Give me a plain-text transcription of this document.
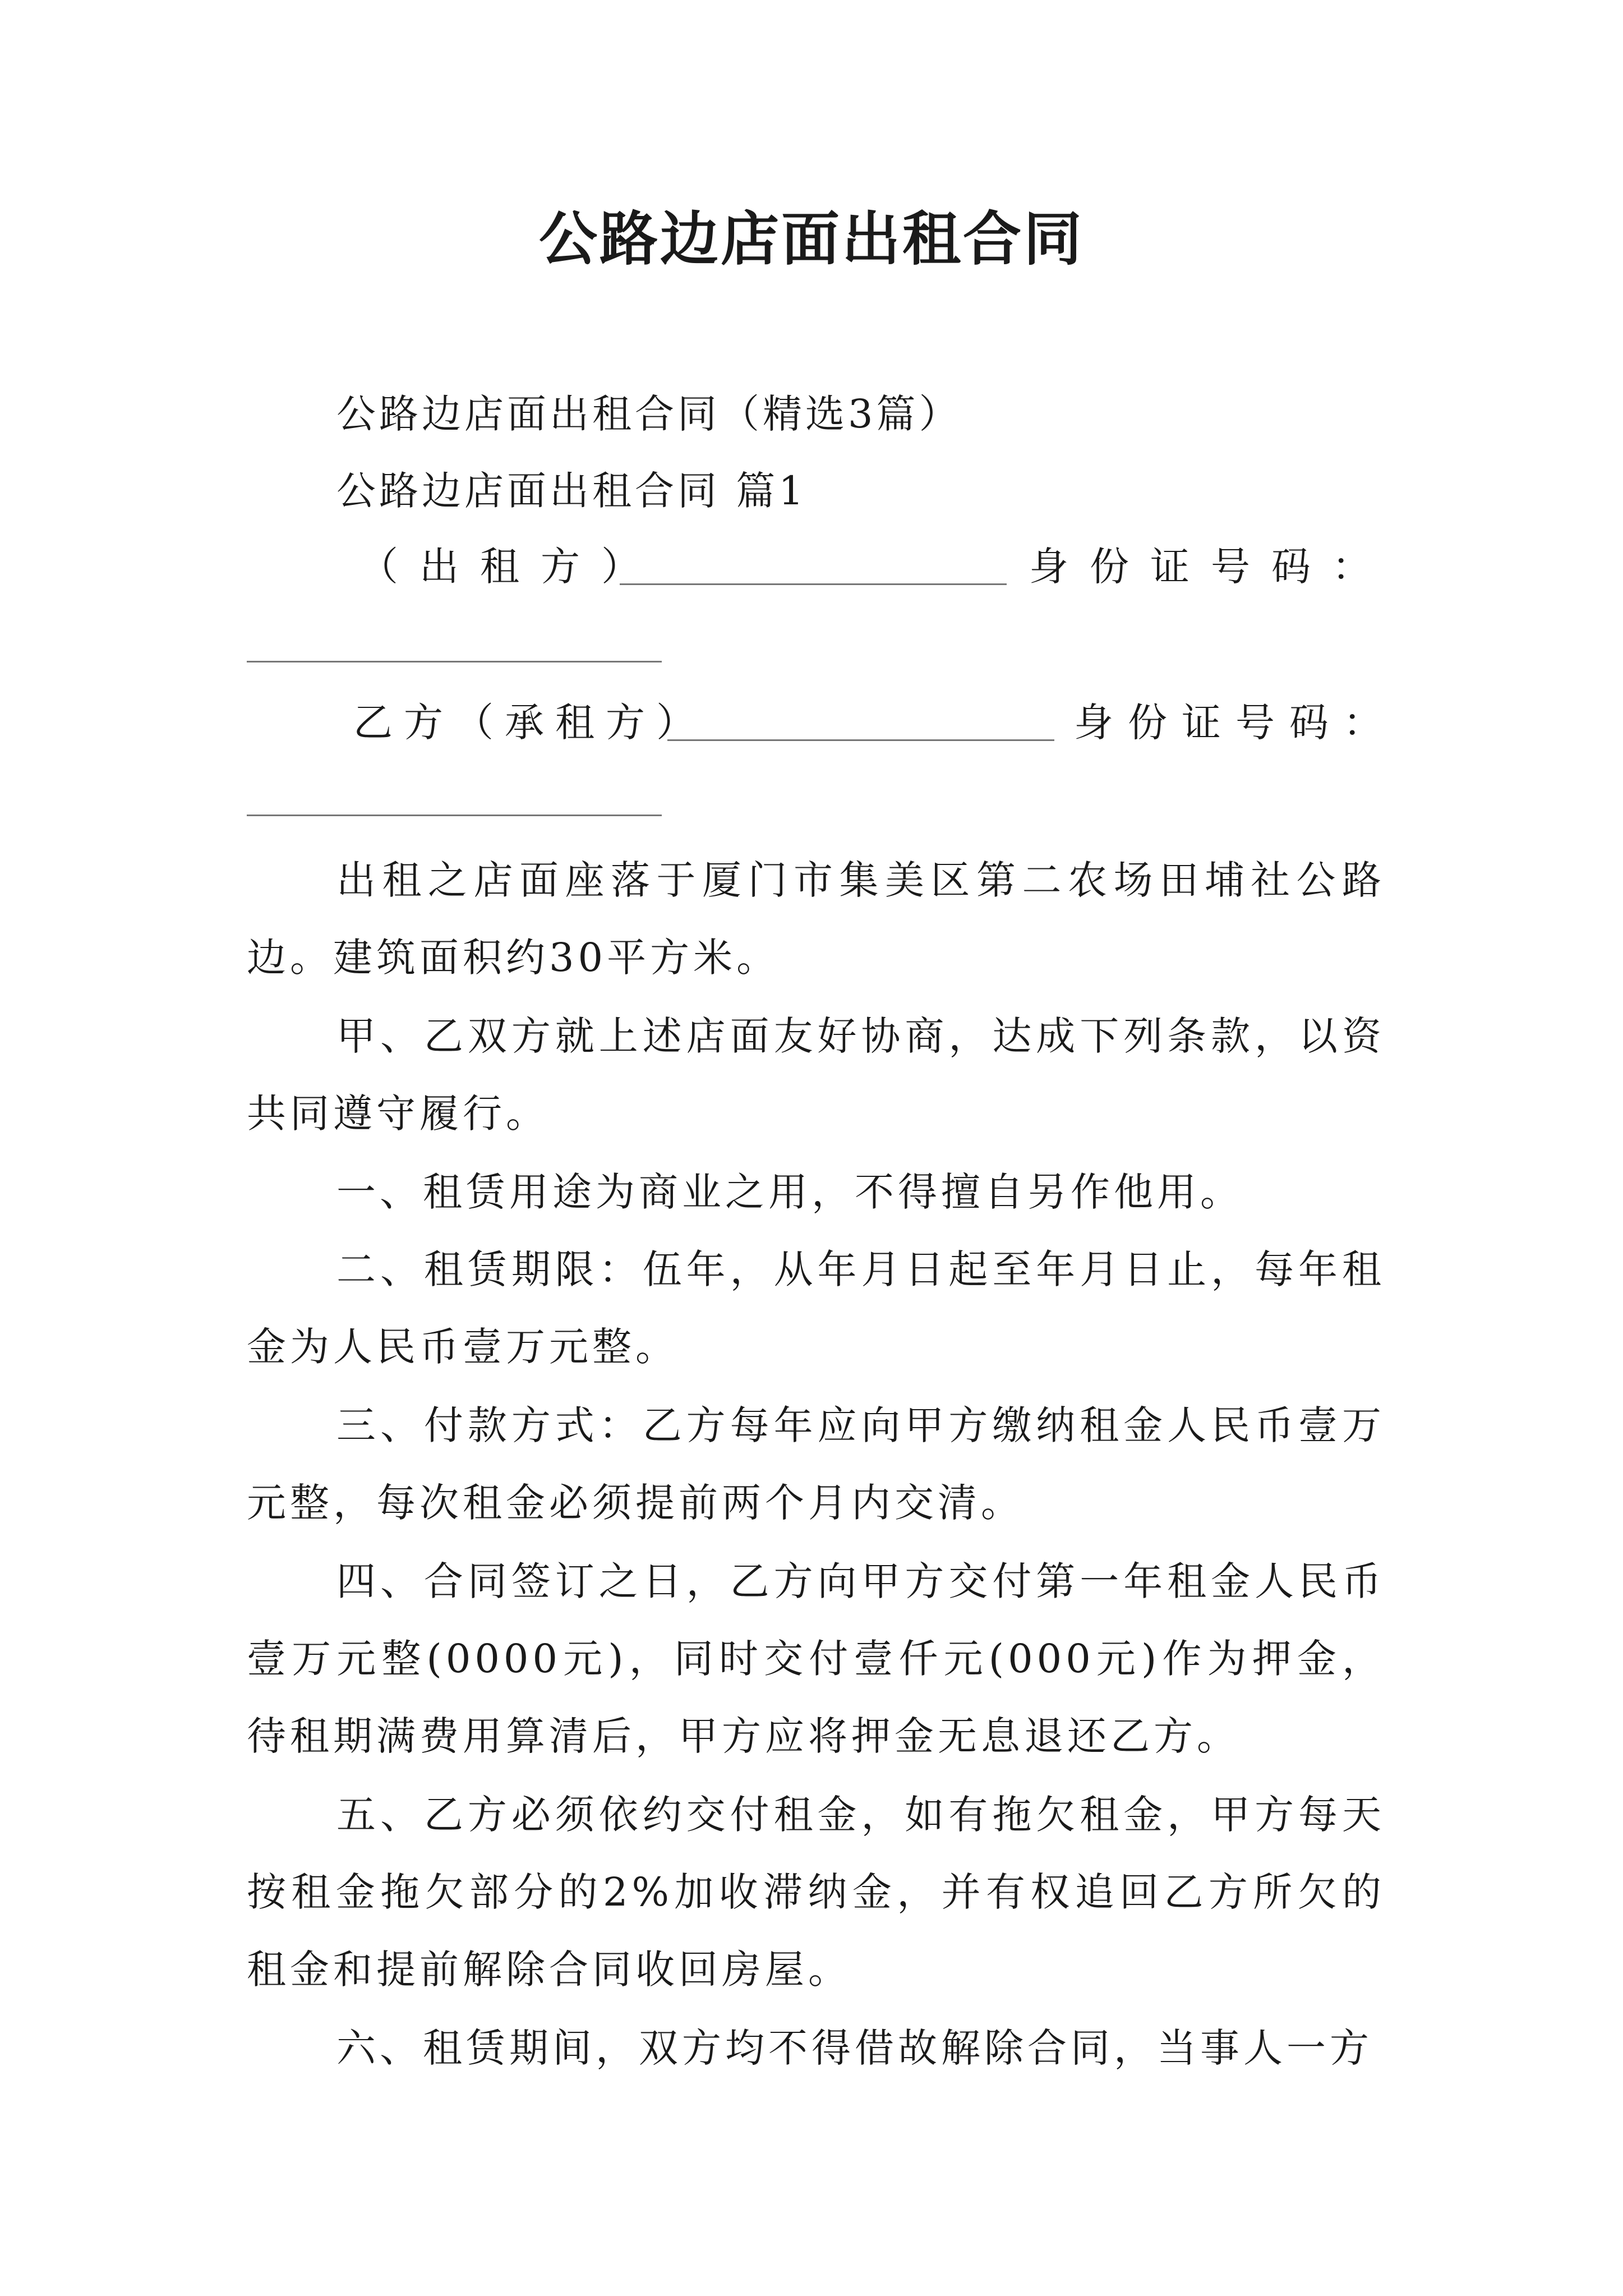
公路边店面出租合同
公路边店面出租合同（精选3篇）
公路边店面出租合同 篇1
（出租方）	身份证号码：
乙方（承租方）	身份证号码：

出租之店面座落于厦门市集美区第二农场田埔社公路边。建筑面积约30平方米。

甲、乙双方就上述店面友好协商，达成下列条款，以资共同遵守履行。

一、租赁用途为商业之用，不得擅自另作他用。

二、租赁期限：伍年，从年月日起至年月日止，每年租金为人民币壹万元整。

三、付款方式：乙方每年应向甲方缴纳租金人民币壹万元整，每次租金必须提前两个月内交清。

四、合同签订之日，乙方向甲方交付第一年租金人民币壹万元整(0000元)，同时交付壹仟元(000元)作为押金，待租期满费用算清后，甲方应将押金无息退还乙方。

五、乙方必须依约交付租金，如有拖欠租金，甲方每天按租金拖欠部分的2%加收滞纳金，并有权追回乙方所欠的租金和提前解除合同收回房屋。

六、租赁期间，双方均不得借故解除合同，当事人一方
